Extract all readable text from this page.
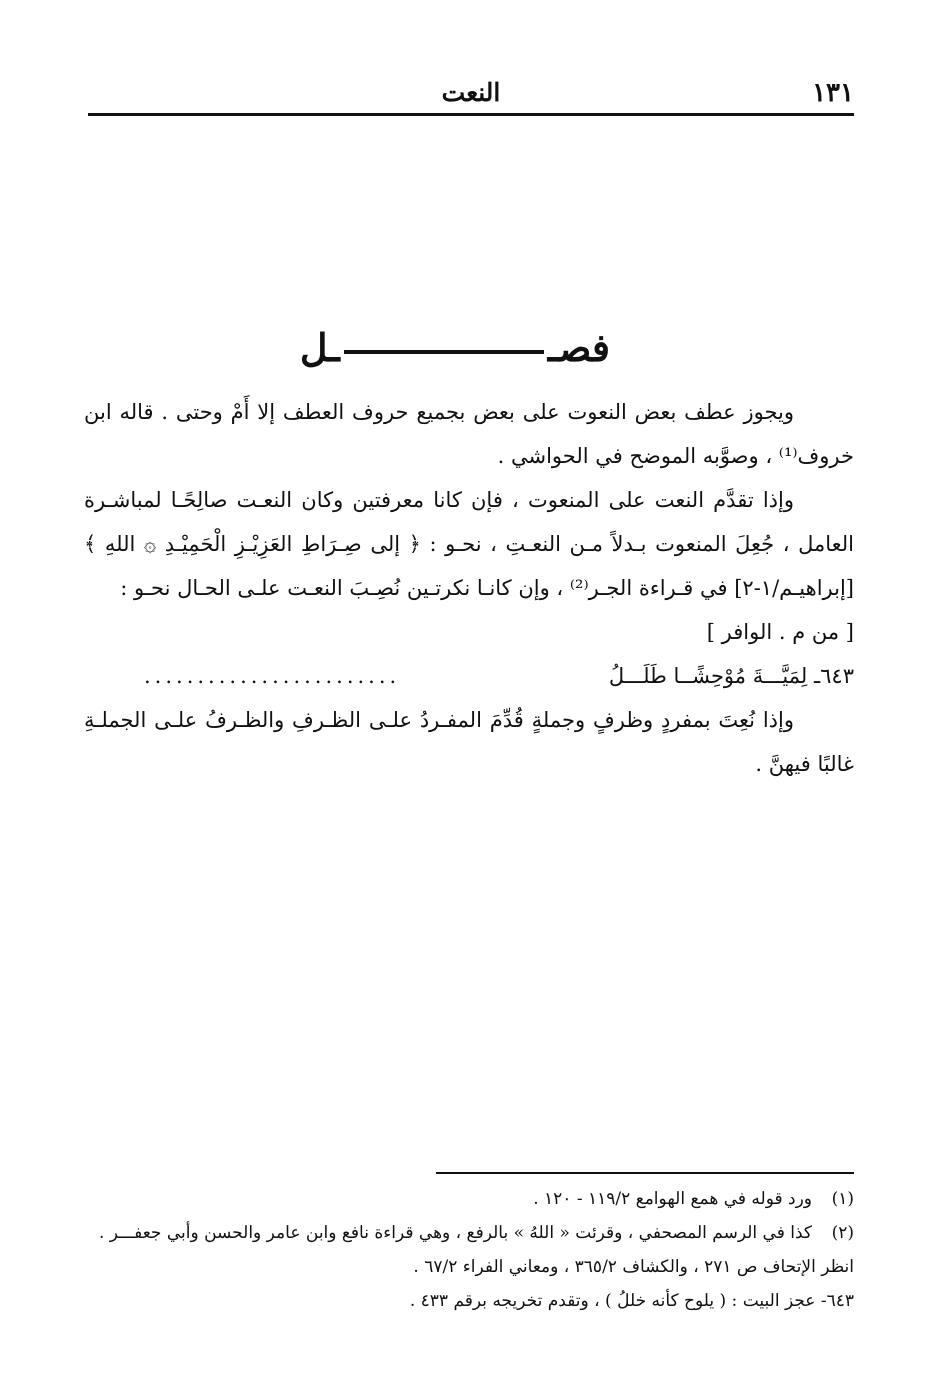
النعت	١٣١
فصــل

ويجوز عطف بعض النعوت على بعض بجميع حروف العطف إلا أَمْ وحتى . قاله ابن خروف⁽¹⁾ ، وصوَّبه الموضح في الحواشي .

وإذا تقدَّم النعت على المنعوت ، فإن كانا معرفتين وكان النعـت صالِحًـا لمباشـرة العامل ، جُعِلَ المنعوت بـدلاً مـن النعـتِ ، نحـو : ﴿ إلى صِـرَاطِ العَزِيْـزِ الْحَمِيْـدِ ۞ اللهِ ﴾ [إبراهيـم/١-٢] في قـراءة الجـر⁽²⁾ ، وإن كانـا نكرتـين نُصِـبَ النعـت علـى الحـال نحـو :

[ من م . الوافر ]

٦٤٣ـ لِمَيَّـــةَ مُوْحِشًــا طَلَـــلُ
........................

وإذا نُعِتَ بمفردٍ وظرفٍ وجملةٍ قُدِّمَ المفـردُ علـى الظـرفِ والظـرفُ علـى الجملـةِ غالبًا فيهنَّ .

(١)ورد قوله في همع الهوامع ١١٩/٢ - ١٢٠ .

(٢)كذا في الرسم المصحفي ، وقرئت « اللهُ » بالرفع ، وهي قراءة نافع وابن عامر والحسن وأبي جعفـــر .

انظر الإتحاف ص ٢٧١ ، والكشاف ٣٦٥/٢ ، ومعاني الفراء ٦٧/٢ .

٦٤٣- عجز البيت : ( يلوح كأنه خللُ ) ، وتقدم تخريجه برقم ٤٣٣ .
